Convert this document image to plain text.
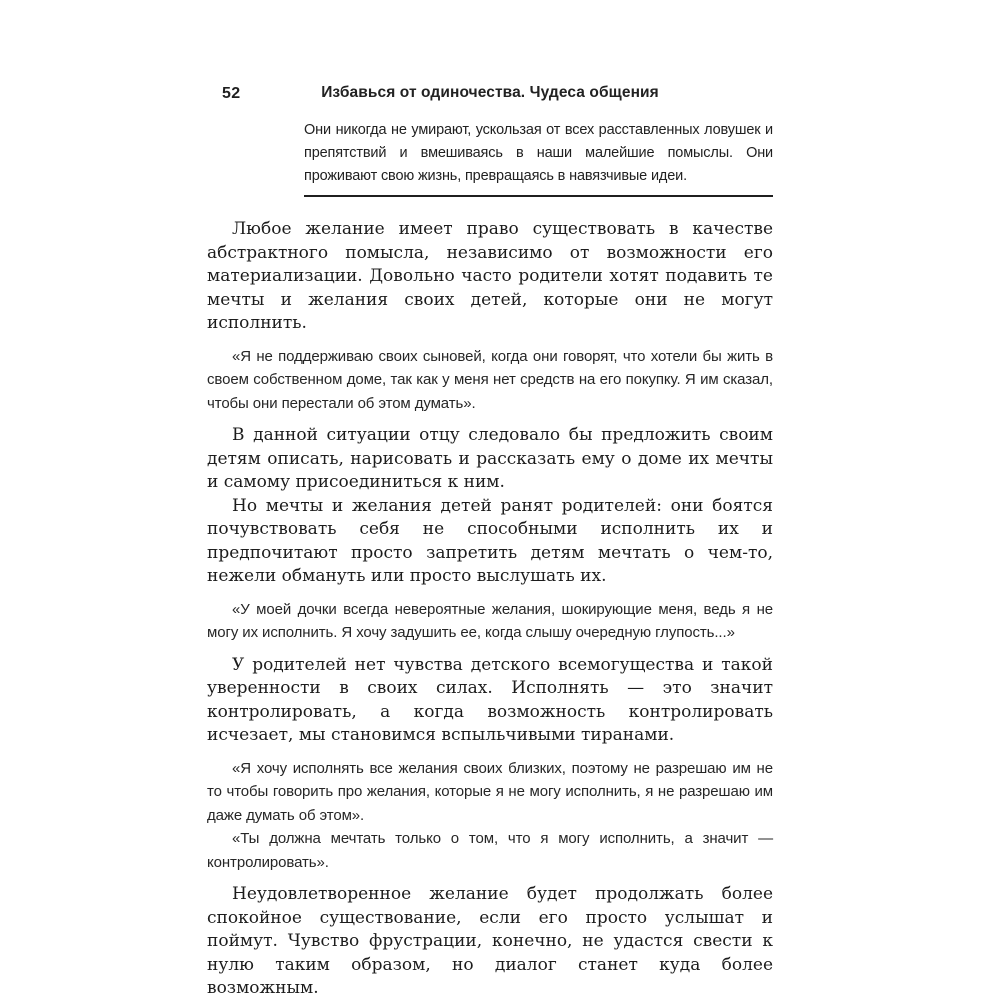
52	Избавься от одиночества. Чудеса общения
Они никогда не умирают, ускользая от всех расставленных ловушек и препятствий и вмешиваясь в наши малейшие помыслы. Они проживают свою жизнь, превращаясь в навязчивые идеи.

Любое желание имеет право существовать в качестве абстрактного помысла, независимо от возможности его материализации. Довольно часто родители хотят подавить те мечты и желания своих детей, которые они не могут исполнить.

«Я не поддерживаю своих сыновей, когда они говорят, что хотели бы жить в своем собственном доме, так как у меня нет средств на его покупку. Я им сказал, чтобы они перестали об этом думать».

В данной ситуации отцу следовало бы предложить своим детям описать, нарисовать и рассказать ему о доме их мечты и самому присоединиться к ним.

Но мечты и желания детей ранят родителей: они боятся почувствовать себя не способными исполнить их и предпочитают просто запретить детям мечтать о чем-то, нежели обмануть или просто выслушать их.

«У моей дочки всегда невероятные желания, шокирующие меня, ведь я не могу их исполнить. Я хочу задушить ее, когда слышу очередную глупость...»

У родителей нет чувства детского всемогущества и такой уверенности в своих силах. Исполнять — это значит контролировать, а когда возможность контролировать исчезает, мы становимся вспыльчивыми тиранами.

«Я хочу исполнять все желания своих близких, поэтому не разрешаю им не то чтобы говорить про желания, которые я не могу исполнить, я не разрешаю им даже думать об этом».

«Ты должна мечтать только о том, что я могу исполнить, а значит — контролировать».

Неудовлетворенное желание будет продолжать более спокойное существование, если его просто услышат и поймут. Чувство фрустрации, конечно, не удастся свести к нулю таким образом, но диалог станет куда более возможным.
